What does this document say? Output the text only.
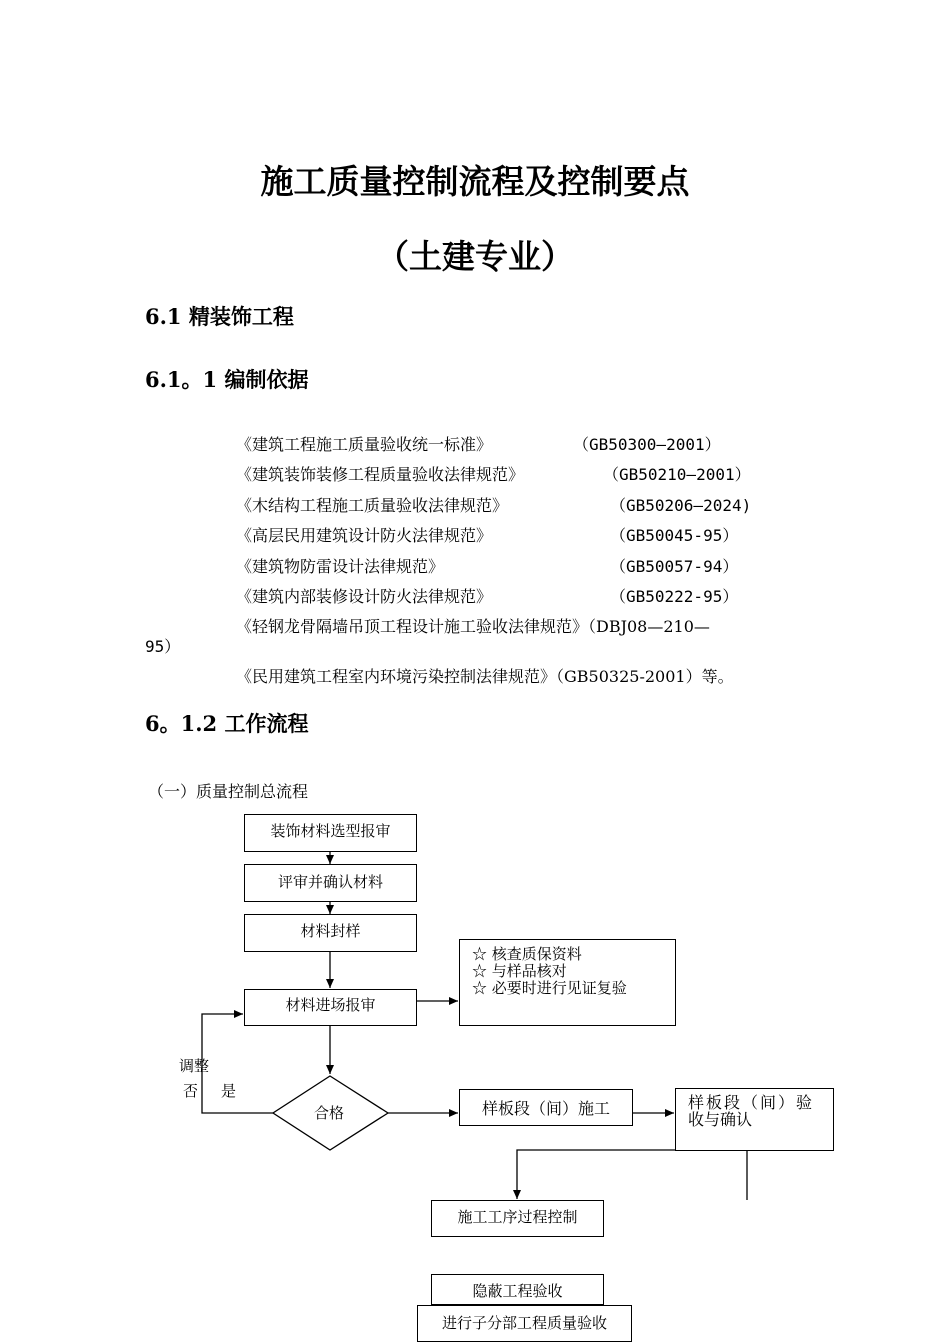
施工质量控制流程及控制要点
（土建专业）
6.1 精装饰工程
6.1。1 编制依据
《建筑工程施工质量验收统一标准》	（GB50300—2001）
《建筑装饰装修工程质量验收法律规范》	（GB50210—2001）
《木结构工程施工质量验收法律规范》	（GB50206—2024)
《高层民用建筑设计防火法律规范》	（GB50045-95）
《建筑物防雷设计法律规范》	（GB50057-94）
《建筑内部装修设计防火法律规范》	（GB50222-95）
《轻钢龙骨隔墙吊顶工程设计施工验收法律规范》（DBJ08—210—
95）
《民用建筑工程室内环境污染控制法律规范》（GB50325-2001）等。
6。1.2 工作流程
（一）质量控制总流程
装饰材料选型报审
评审并确认材料
材料封样
材料进场报审
☆ 核查质保资料
☆ 与样品核对
☆ 必要时进行见证复验
调整
否 是
合格	样板段（间）施工	样板段（间）验
收与确认
施工工序过程控制
隐蔽工程验收
进行子分部工程质量验收
